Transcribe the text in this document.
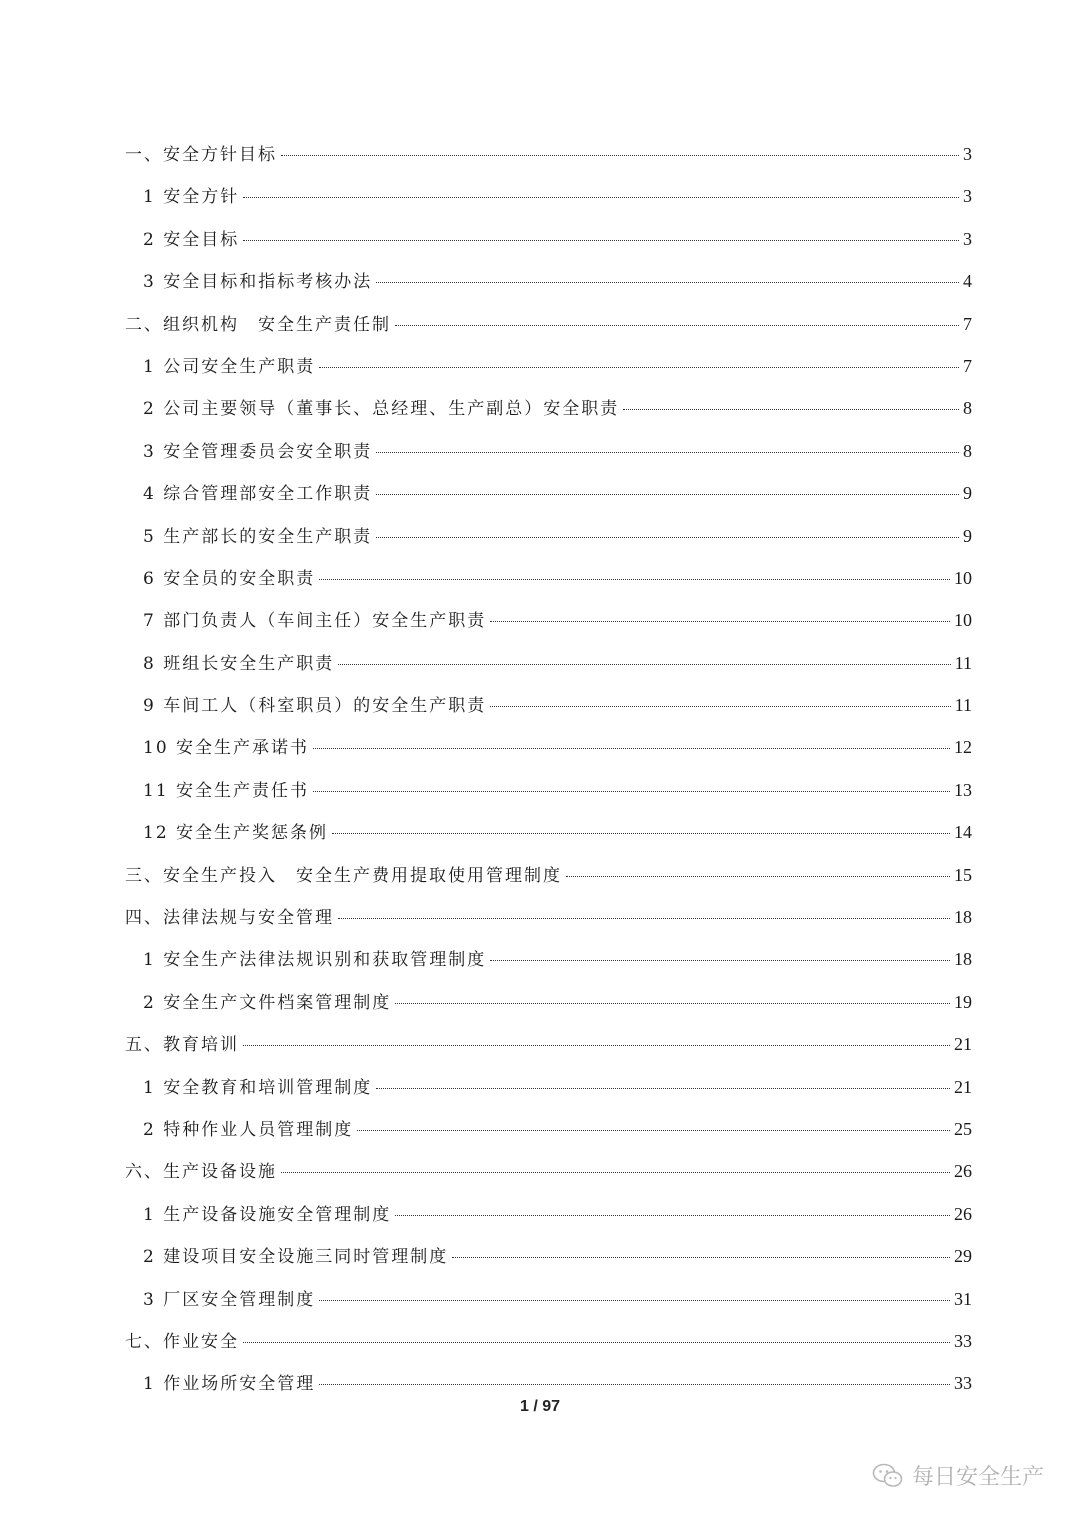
一、安全方针目标	3
1 安全方针	3
2 安全目标	3
3 安全目标和指标考核办法	4
二、组织机构　安全生产责任制	7
1 公司安全生产职责	7
2 公司主要领导（董事长、总经理、生产副总）安全职责	8
3 安全管理委员会安全职责	8
4 综合管理部安全工作职责	9
5 生产部长的安全生产职责	9
6 安全员的安全职责	10
7 部门负责人（车间主任）安全生产职责	10
8 班组长安全生产职责	11
9 车间工人（科室职员）的安全生产职责	11
10 安全生产承诺书	12
11 安全生产责任书	13
12 安全生产奖惩条例	14
三、安全生产投入　安全生产费用提取使用管理制度	15
四、法律法规与安全管理	18
1 安全生产法律法规识别和获取管理制度	18
2 安全生产文件档案管理制度	19
五、教育培训	21
1 安全教育和培训管理制度	21
2 特种作业人员管理制度	25
六、生产设备设施	26
1 生产设备设施安全管理制度	26
2 建设项目安全设施三同时管理制度	29
3 厂区安全管理制度	31
七、作业安全	33
1 作业场所安全管理	33
1 / 97
每日安全生产
